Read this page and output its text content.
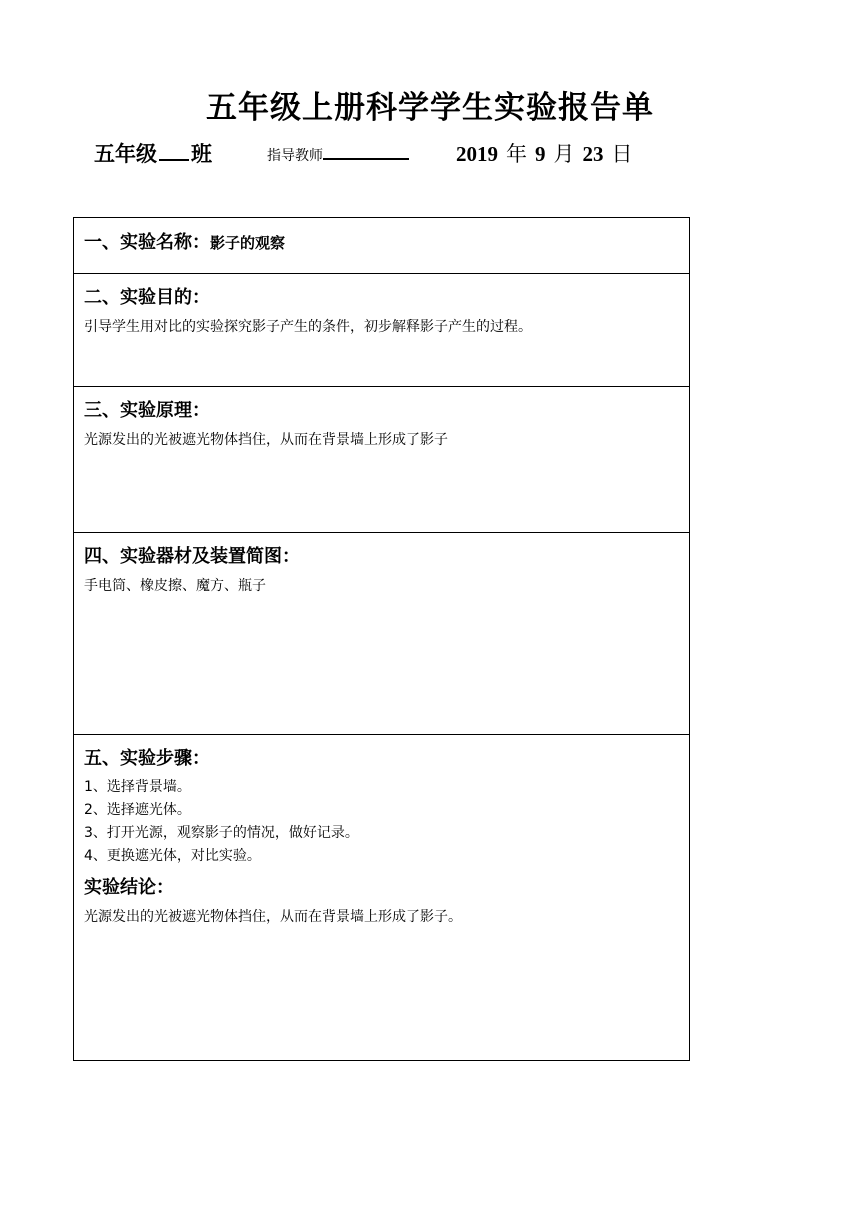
五年级上册科学学生实验报告单
五年级 班	指导教师	2019 年 9 月 23 日
一、实验名称：影子的观察
二、实验目的：
引导学生用对比的实验探究影子产生的条件，初步解释影子产生的过程。
三、实验原理：
光源发出的光被遮光物体挡住，从而在背景墙上形成了影子
四、实验器材及装置简图：
手电筒、橡皮擦、魔方、瓶子
五、实验步骤：
1、选择背景墙。
2、选择遮光体。
3、打开光源，观察影子的情况，做好记录。
4、更换遮光体，对比实验。
实验结论：
光源发出的光被遮光物体挡住，从而在背景墙上形成了影子。
